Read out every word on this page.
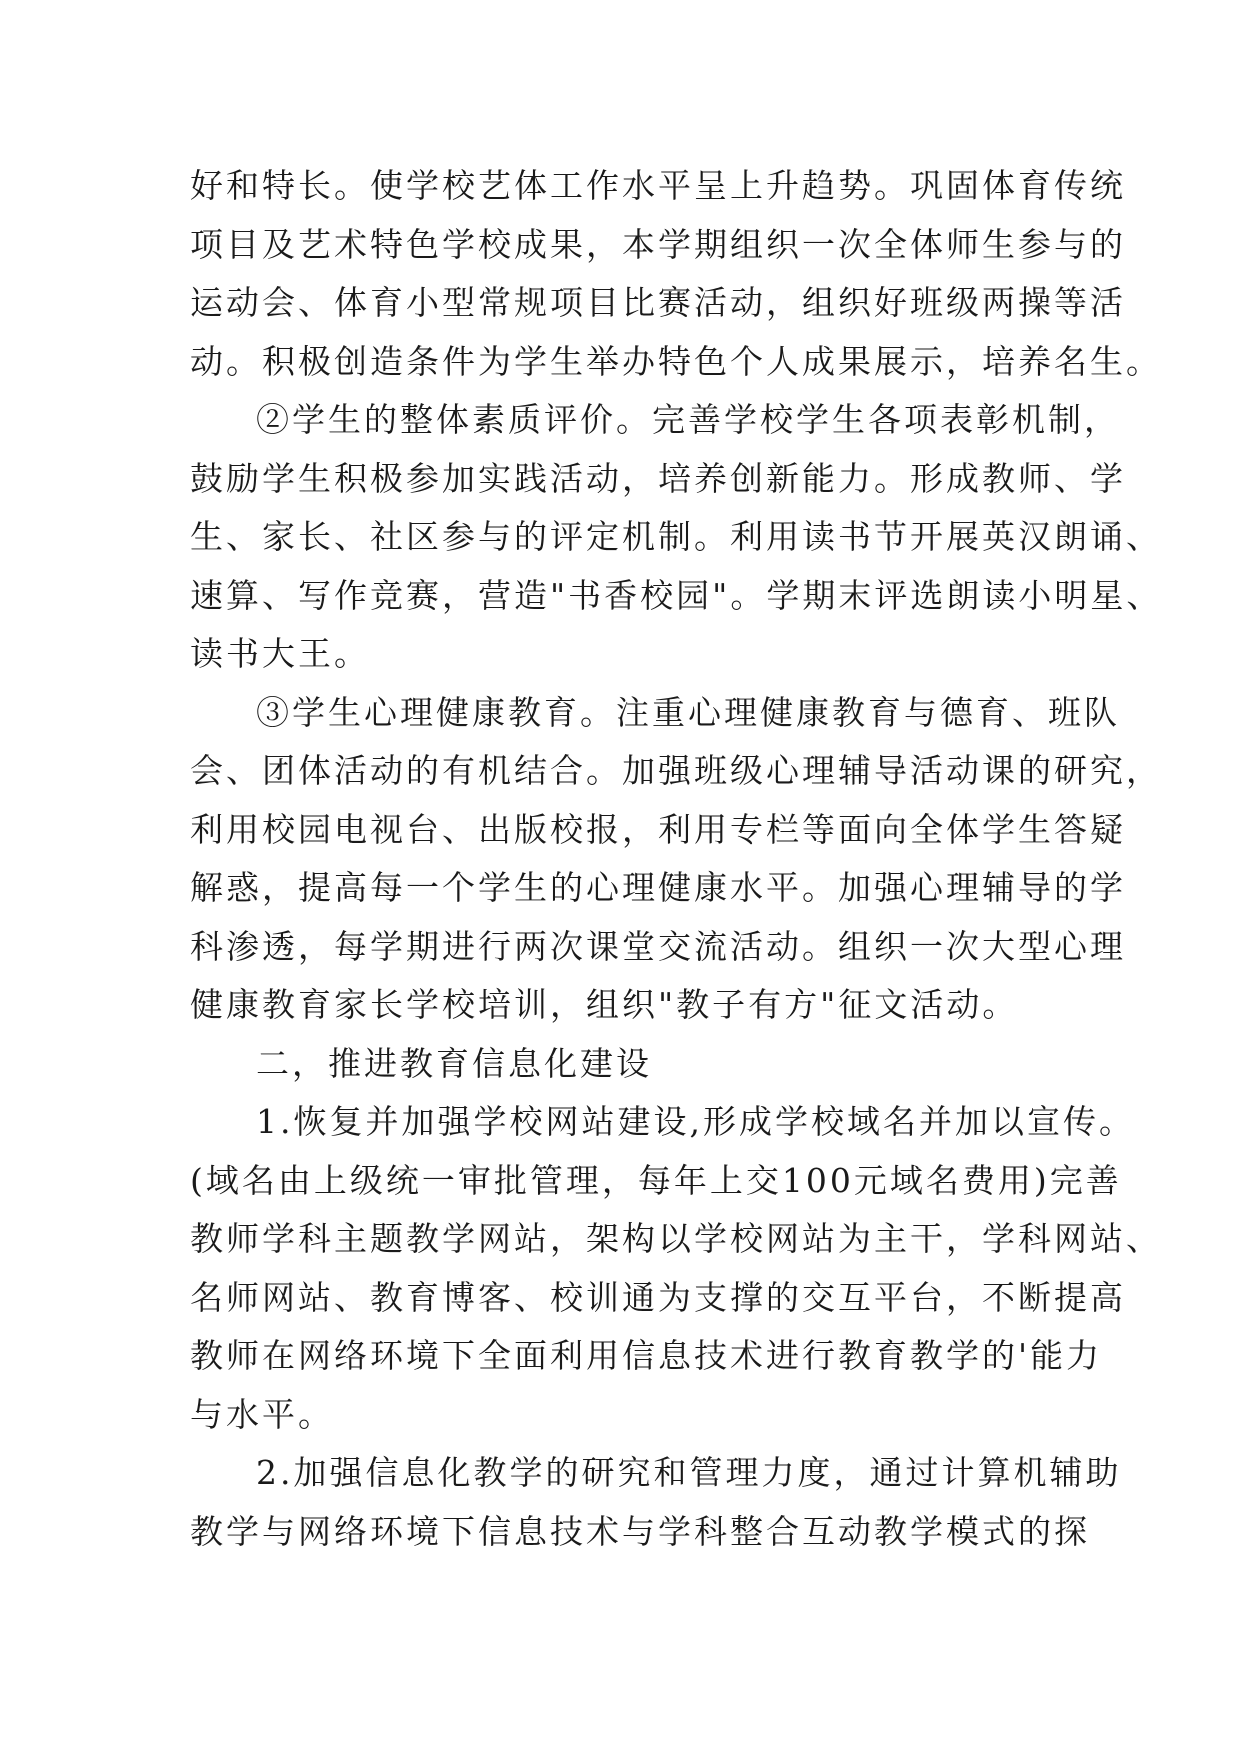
好和特长。使学校艺体工作水平呈上升趋势。巩固体育传统
项目及艺术特色学校成果，本学期组织一次全体师生参与的
运动会、体育小型常规项目比赛活动，组织好班级两操等活
动。积极创造条件为学生举办特色个人成果展示，培养名生。
②学生的整体素质评价。完善学校学生各项表彰机制，
鼓励学生积极参加实践活动，培养创新能力。形成教师、学
生、家长、社区参与的评定机制。利用读书节开展英汉朗诵、
速算、写作竞赛，营造"书香校园"。学期末评选朗读小明星、
读书大王。
③学生心理健康教育。注重心理健康教育与德育、班队
会、团体活动的有机结合。加强班级心理辅导活动课的研究，
利用校园电视台、出版校报，利用专栏等面向全体学生答疑
解惑，提高每一个学生的心理健康水平。加强心理辅导的学
科渗透，每学期进行两次课堂交流活动。组织一次大型心理
健康教育家长学校培训，组织"教子有方"征文活动。
二，推进教育信息化建设
1.恢复并加强学校网站建设,形成学校域名并加以宣传。
(域名由上级统一审批管理，每年上交100元域名费用)完善
教师学科主题教学网站，架构以学校网站为主干，学科网站、
名师网站、教育博客、校训通为支撑的交互平台，不断提高
教师在网络环境下全面利用信息技术进行教育教学的'能力
与水平。
2.加强信息化教学的研究和管理力度，通过计算机辅助
教学与网络环境下信息技术与学科整合互动教学模式的探
